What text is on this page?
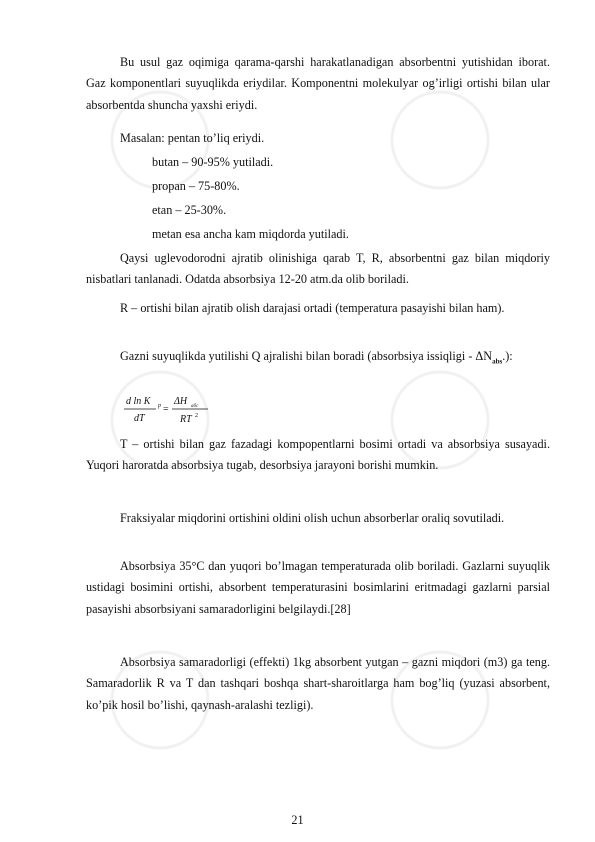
Bu usul gaz oqimiga qarama-qarshi harakatlanadigan absorbentni yutishidan iborat. Gaz komponentlari suyuqlikda eriydilar. Komponentni molekulyar og’irligi ortishi bilan ular absorbentda shuncha yaxshi eriydi.

Masalan: pentan to’liq eriydi.

butan – 90-95% yutiladi.

propan – 75-80%.

etan – 25-30%.

metan esa ancha kam miqdorda yutiladi.

Qaysi uglevodorodni ajratib olinishiga qarab T, R, absorbentni gaz bilan miqdoriy nisbatlari tanlanadi. Odatda absorbsiya 12-20 atm.da olib boriladi.

R – ortishi bilan ajratib olish darajasi ortadi (temperatura pasayishi bilan ham).

Gazni suyuqlikda yutilishi Q ajralishi bilan boradi (absorbsiya issiqligi - $\Delta N_{abs}$.):

d ln K p
dT
=
ΔH абс
RT 2

T – ortishi bilan gaz fazadagi kompopentlarni bosimi ortadi va absorbsiya susayadi. Yuqori haroratda absorbsiya tugab, desorbsiya jarayoni borishi mumkin.

Fraksiyalar miqdorini ortishini oldini olish uchun absorberlar oraliq sovutiladi.

Absorbsiya 35°C dan yuqori bo’lmagan temperaturada olib boriladi. Gazlarni suyuqlik ustidagi bosimini ortishi, absorbent temperaturasini bosimlarini eritmadagi gazlarni parsial pasayishi absorbsiyani samaradorligini belgilaydi.[28]

Absorbsiya samaradorligi (effekti) 1kg absorbent yutgan – gazni miqdori (m3) ga teng. Samaradorlik R va T dan tashqari boshqa shart-sharoitlarga ham bog’liq (yuzasi absorbent, ko’pik hosil bo’lishi, qaynash-aralashi tezligi).

21
